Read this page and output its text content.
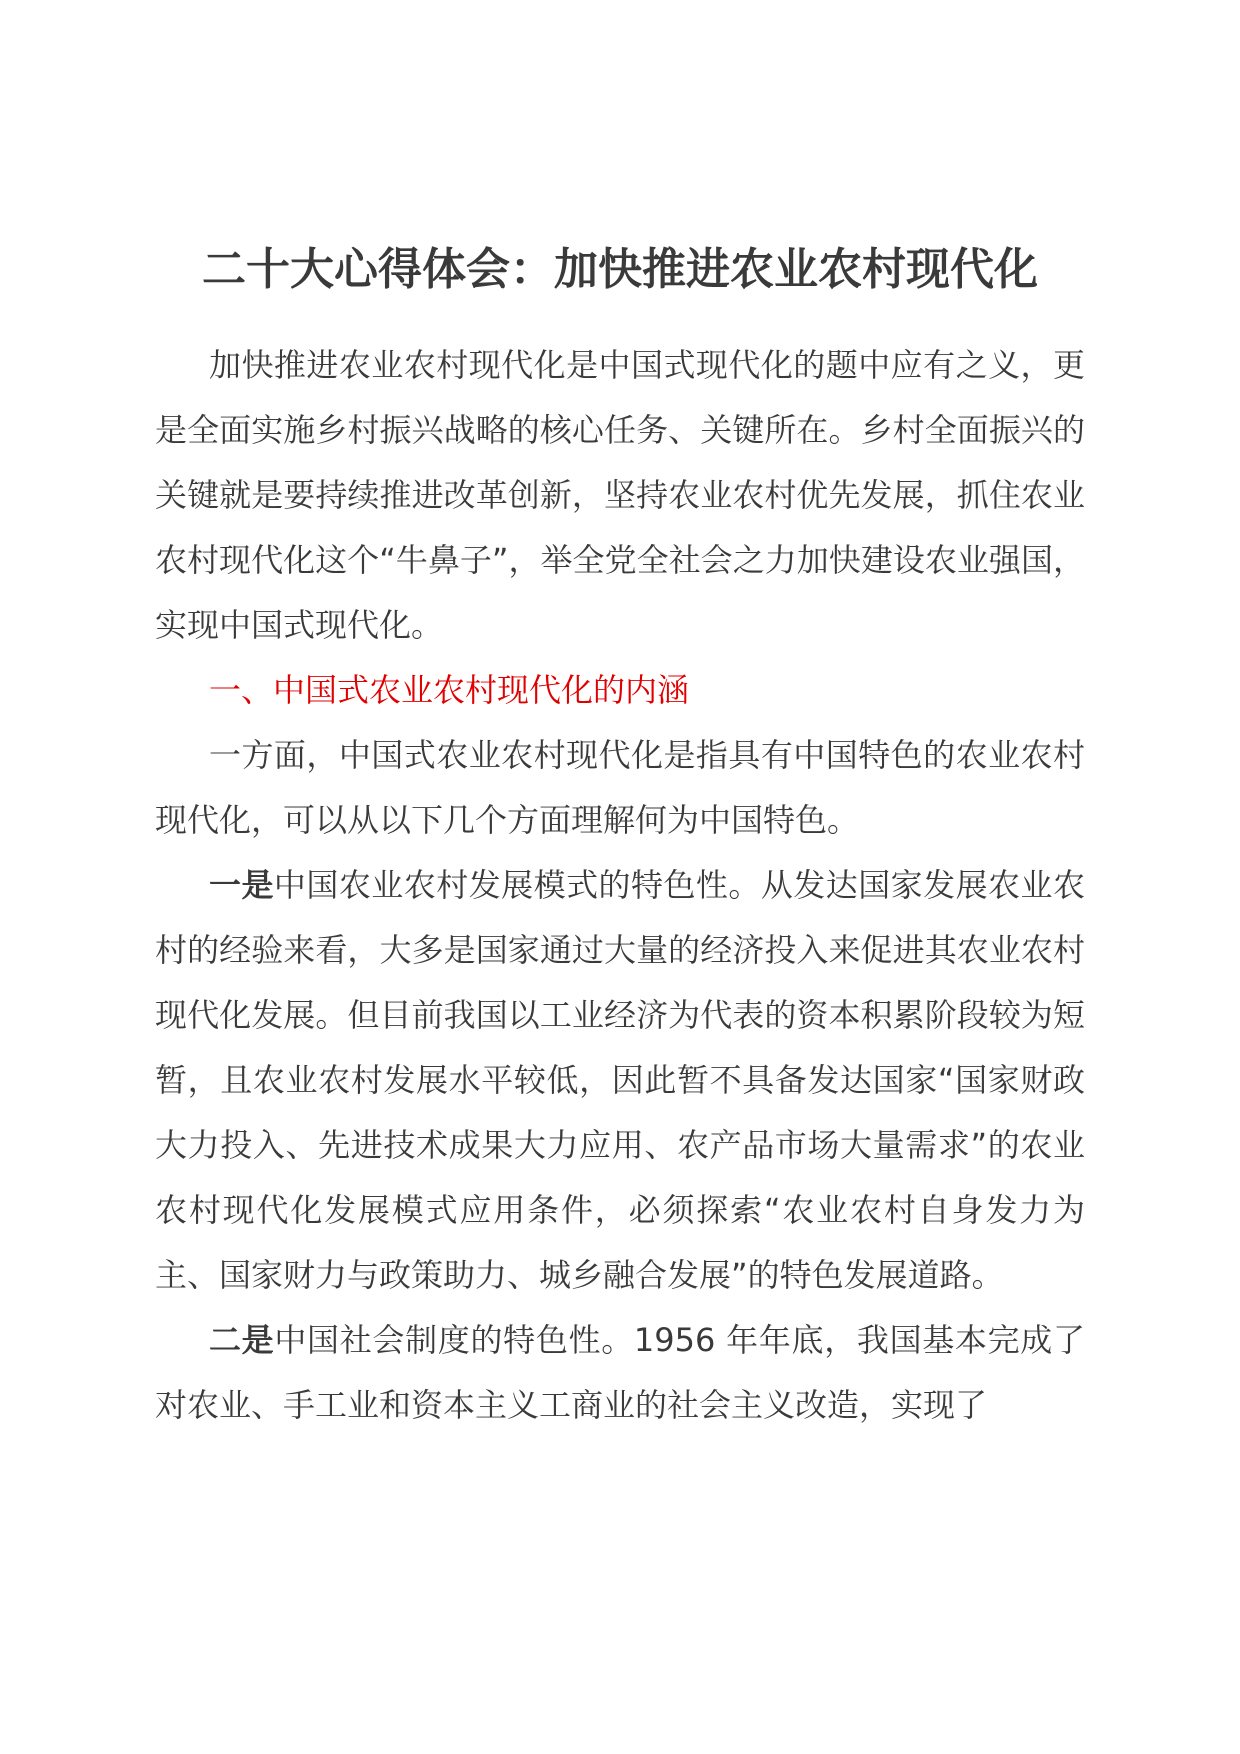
二十大心得体会：加快推进农业农村现代化

加快推进农业农村现代化是中国式现代化的题中应有之义，更是全面实施乡村振兴战略的核心任务、关键所在。乡村全面振兴的关键就是要持续推进改革创新，坚持农业农村优先发展，抓住农业农村现代化这个“牛鼻子”，举全党全社会之力加快建设农业强国，实现中国式现代化。

一、中国式农业农村现代化的内涵

一方面，中国式农业农村现代化是指具有中国特色的农业农村现代化，可以从以下几个方面理解何为中国特色。

一是中国农业农村发展模式的特色性。从发达国家发展农业农村的经验来看，大多是国家通过大量的经济投入来促进其农业农村现代化发展。但目前我国以工业经济为代表的资本积累阶段较为短暂，且农业农村发展水平较低，因此暂不具备发达国家“国家财政大力投入、先进技术成果大力应用、农产品市场大量需求”的农业农村现代化发展模式应用条件，必须探索“农业农村自身发力为主、国家财力与政策助力、城乡融合发展”的特色发展道路。

二是中国社会制度的特色性。1956 年年底，我国基本完成了对农业、手工业和资本主义工商业的社会主义改造，实现了
